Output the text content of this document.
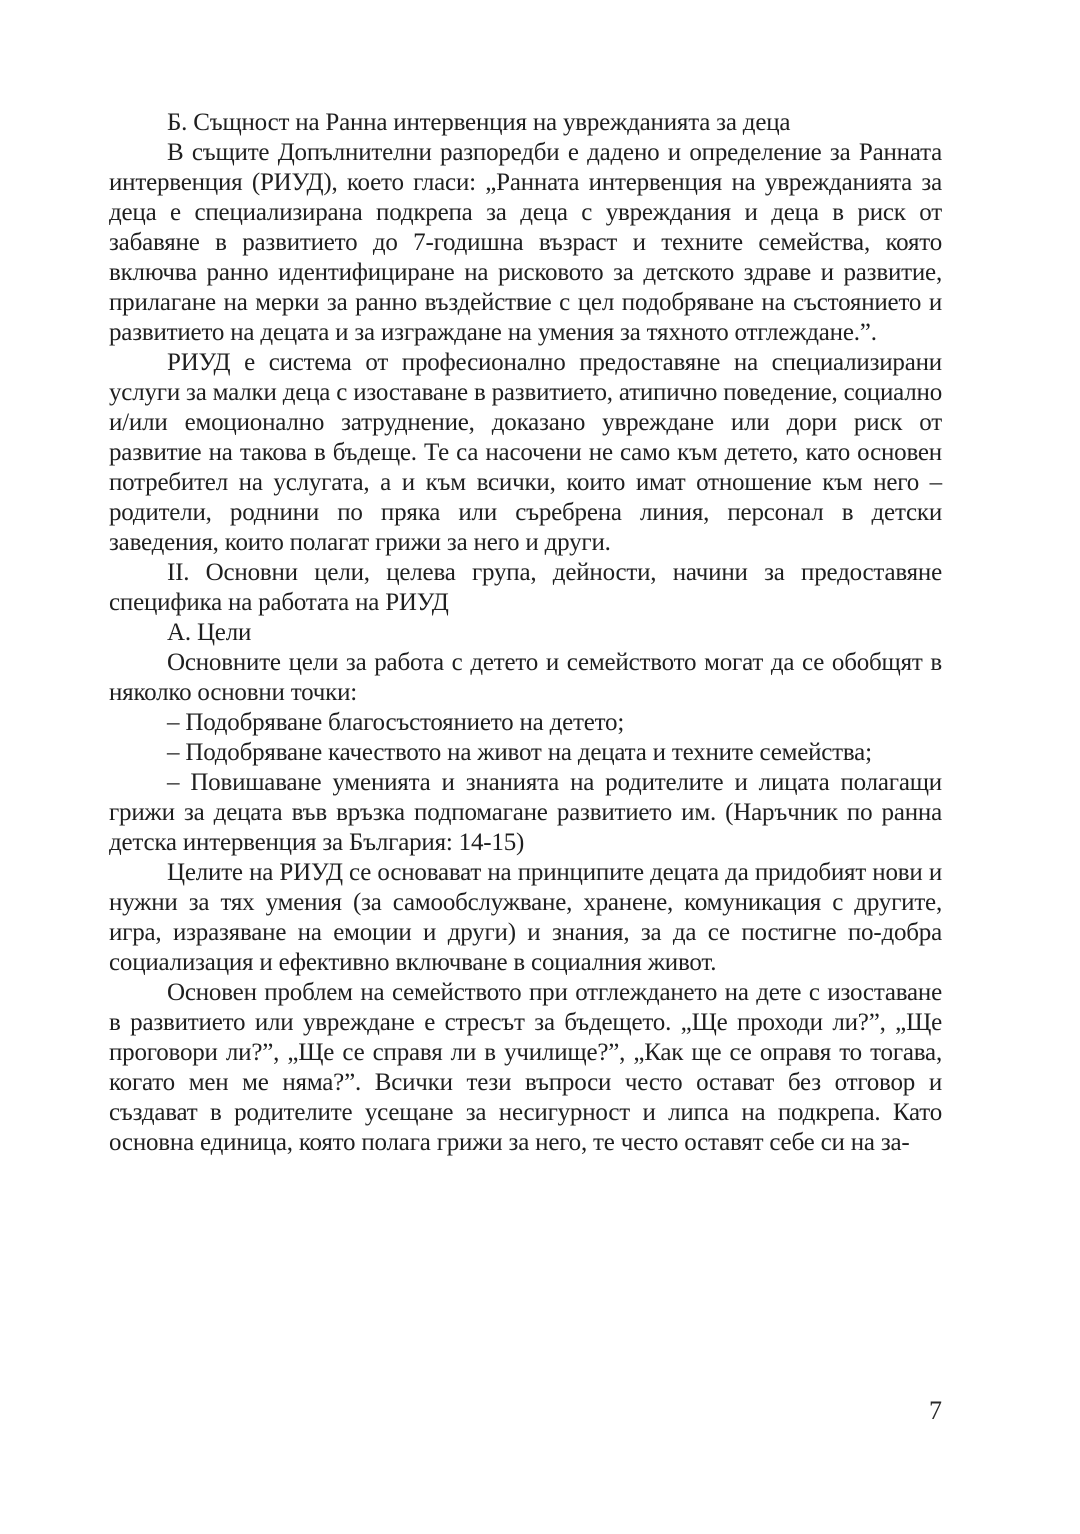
Б. Същност на Ранна интервенция на уврежданията за деца

В същите Допълнителни разпоредби е дадено и определение за Ранната интервенция (РИУД), което гласи: „Ранната интервенция на уврежданията за деца е специализирана подкрепа за деца с увреждания и деца в риск от забавяне в развитието до 7-годишна възраст и техните семейства, която включва ранно идентифициране на рисковото за детското здраве и развитие, прилагане на мерки за ранно въздействие с цел подобряване на състоянието и развитието на децата и за изграждане на умения за тяхното отглеждане.”.

РИУД е система от професионално предоставяне на специализирани услуги за малки деца с изоставане в развитието, атипично поведение, социално и/или емоционално затруднение, доказано увреждане или дори риск от развитие на такова в бъдеще. Те са насочени не само към детето, като основен потребител на услугата, а и към всички, които имат отношение към него – родители, роднини по пряка или съребрена линия, персонал в детски заведения, които полагат грижи за него и други.

II. Основни цели, целева група, дейности, начини за предоставяне специфика на работата на РИУД
А. Цели

Основните цели за работа с детето и семейството могат да се обобщят в няколко основни точки:

– Подобряване благосъстоянието на детето;

– Подобряване качеството на живот на децата и техните семейства;

– Повишаване уменията и знанията на родителите и лицата полагащи грижи за децата във връзка подпомагане развитието им. (Наръчник по ранна детска интервенция за България: 14-15)

Целите на РИУД се основават на принципите децата да придобият нови и нужни за тях умения (за самообслужване, хранене, комуникация с другите, игра, изразяване на емоции и други) и знания, за да се постигне по-добра социализация и ефективно включване в социалния живот.

Основен проблем на семейството при отглеждането на дете с изоставане в развитието или увреждане е стресът за бъдещето. „Ще проходи ли?”, „Ще проговори ли?”, „Ще се справя ли в училище?”, „Как ще се оправя то тогава, когато мен ме няма?”. Всички тези въпроси често остават без отговор и създават в родителите усещане за несигурност и липса на подкрепа. Като основна единица, която полага грижи за него, те често оставят себе си на за-

7
